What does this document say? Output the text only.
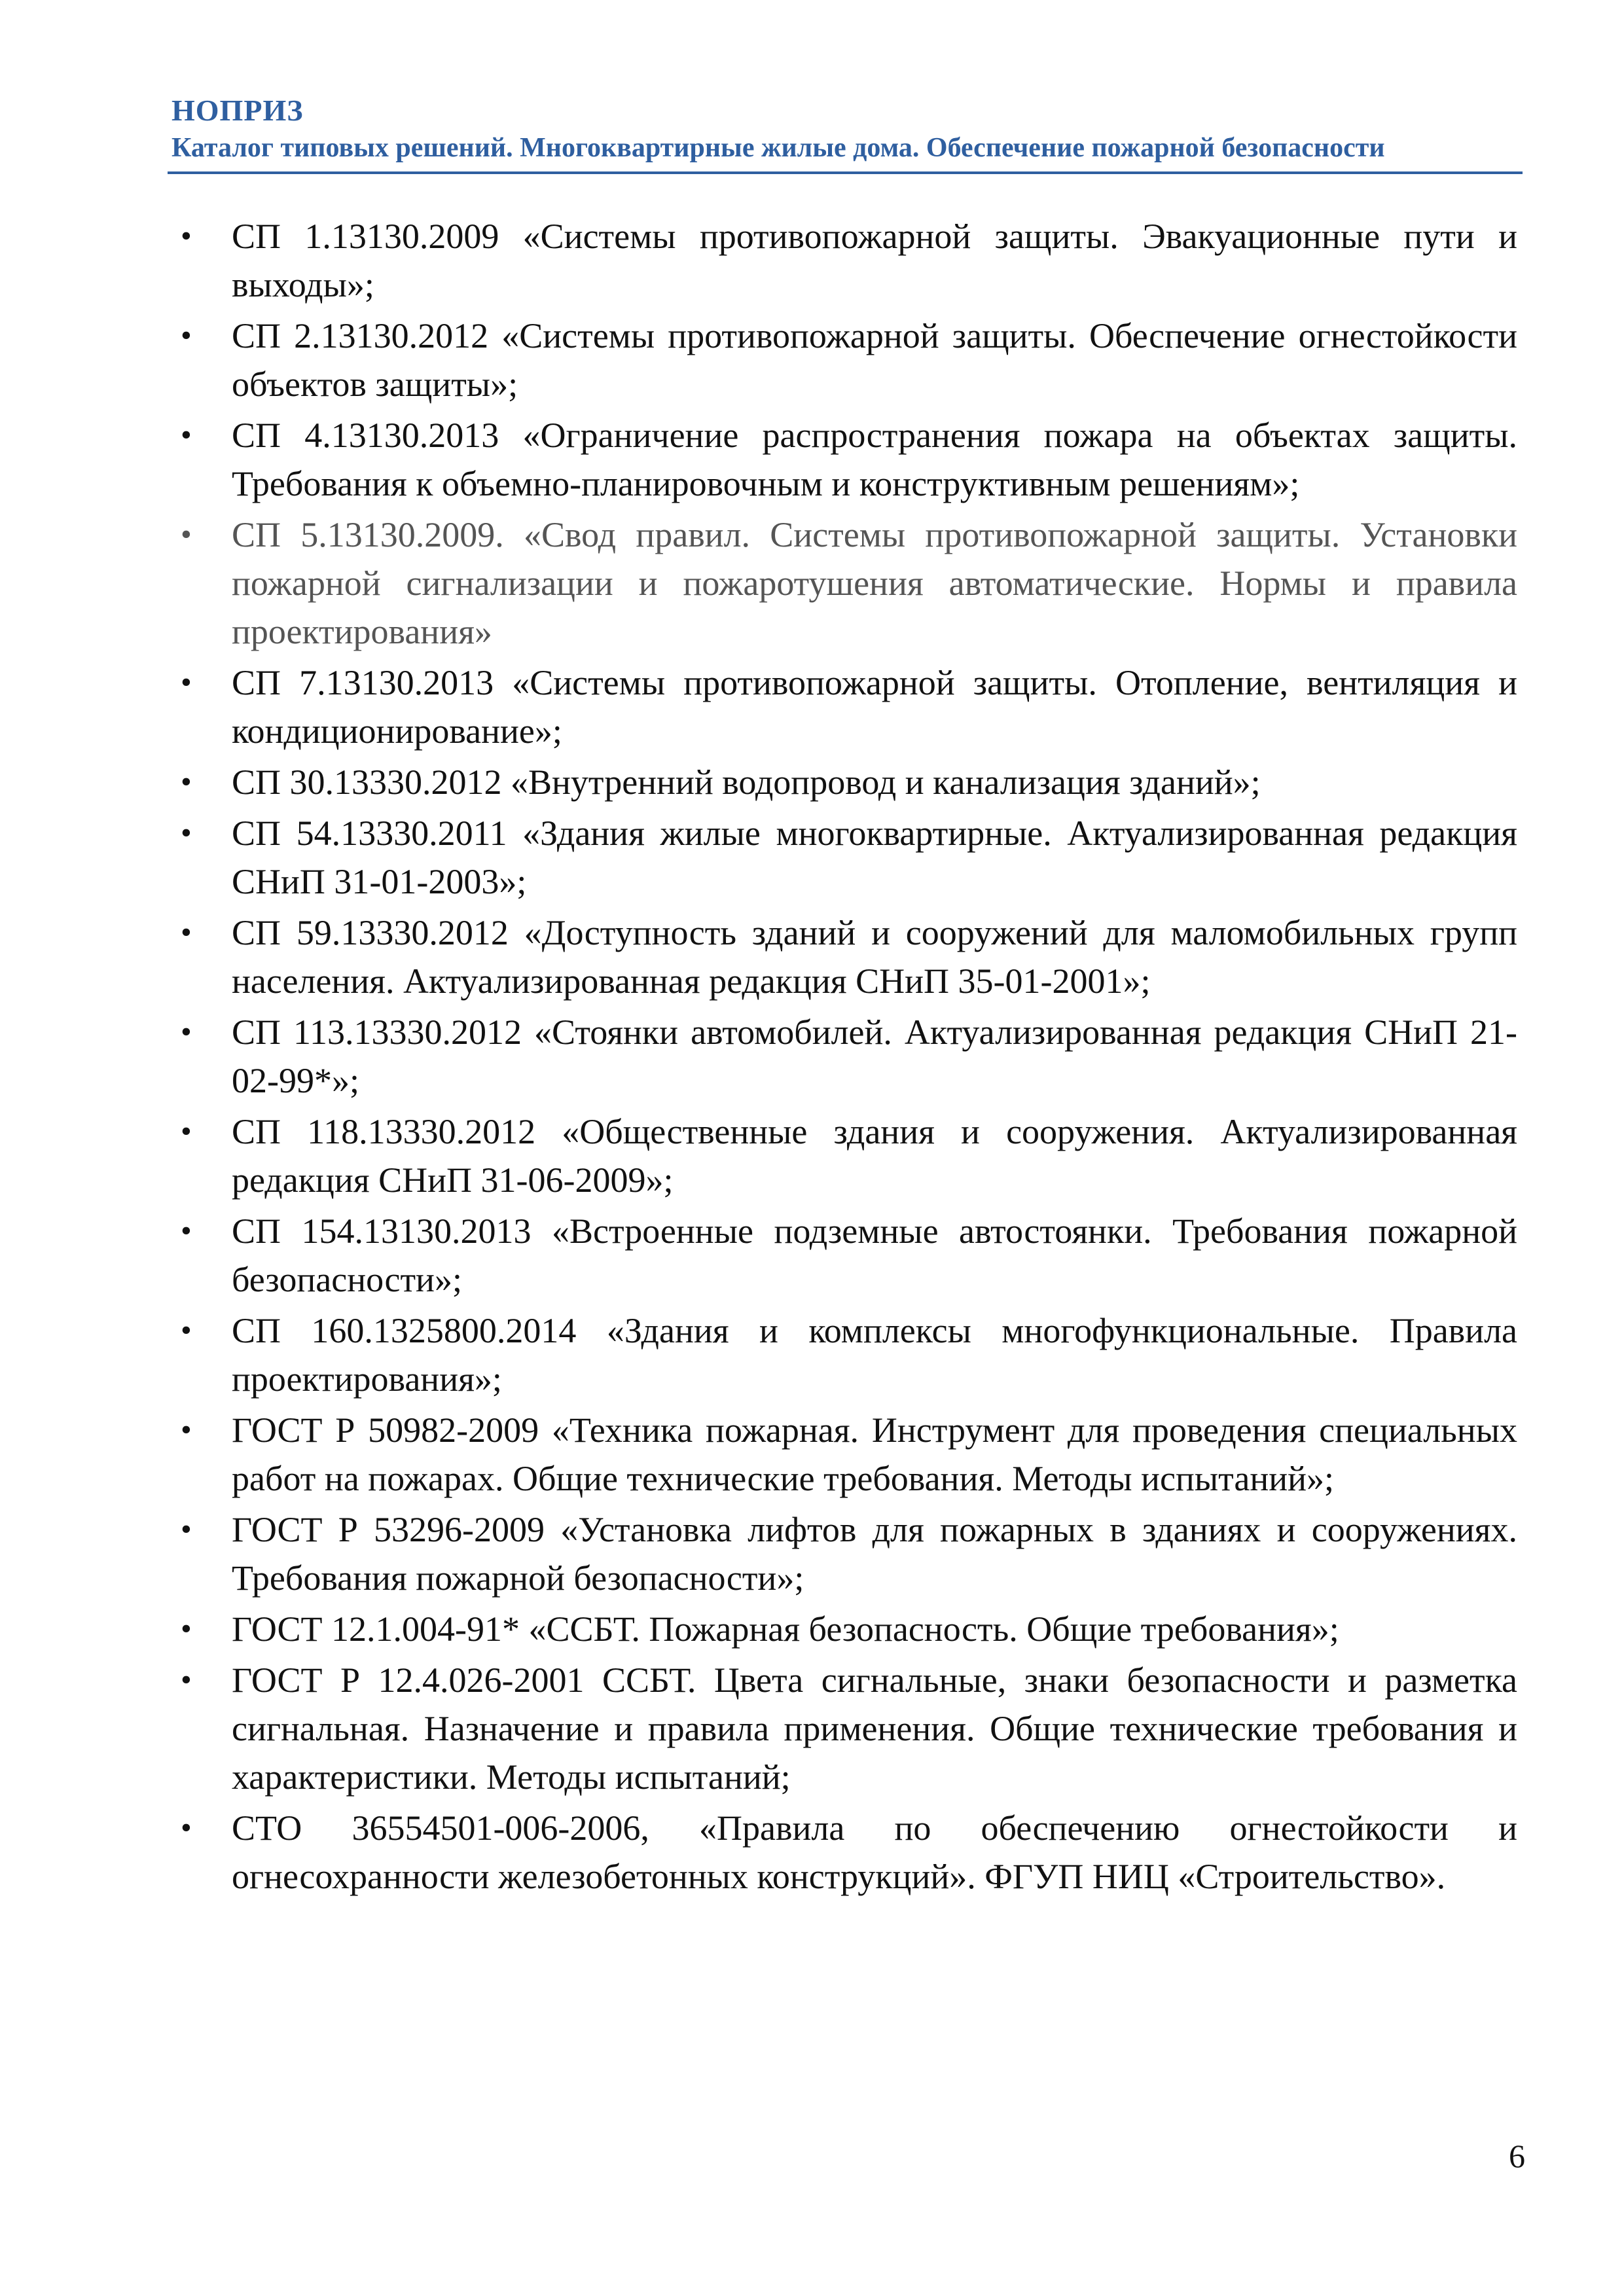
НОПРИЗ
Каталог типовых решений. Многоквартирные жилые дома. Обеспечение пожарной безопасности
• СП 1.13130.2009 «Системы противопожарной защиты. Эвакуационные пути и выходы»;
• СП 2.13130.2012 «Системы противопожарной защиты. Обеспечение огнестойкости объектов защиты»;
• СП 4.13130.2013 «Ограничение распространения пожара на объектах защиты. Требования к объемно-планировочным и конструктивным решениям»;
• СП 5.13130.2009. «Свод правил. Системы противопожарной защиты. Установки пожарной сигнализации и пожаротушения автоматические. Нормы и правила проектирования»
• СП 7.13130.2013 «Системы противопожарной защиты. Отопление, вентиляция и кондиционирование»;
• СП 30.13330.2012 «Внутренний водопровод и канализация зданий»;
• СП 54.13330.2011 «Здания жилые многоквартирные. Актуализированная редакция СНиП 31-01-2003»;
• СП 59.13330.2012 «Доступность зданий и сооружений для маломобильных групп населения. Актуализированная редакция СНиП 35-01-2001»;
• СП 113.13330.2012 «Стоянки автомобилей. Актуализированная редакция СНиП 21-02-99*»;
• СП 118.13330.2012 «Общественные здания и сооружения. Актуализированная редакция СНиП 31-06-2009»;
• СП 154.13130.2013 «Встроенные подземные автостоянки. Требования пожарной безопасности»;
• СП 160.1325800.2014 «Здания и комплексы многофункциональные. Правила проектирования»;
• ГОСТ Р 50982-2009 «Техника пожарная. Инструмент для проведения специальных работ на пожарах. Общие технические требования. Методы испытаний»;
• ГОСТ Р 53296-2009 «Установка лифтов для пожарных в зданиях и сооружениях. Требования пожарной безопасности»;
• ГОСТ 12.1.004-91* «ССБТ. Пожарная безопасность. Общие требования»;
• ГОСТ Р 12.4.026-2001 ССБТ. Цвета сигнальные, знаки безопасности и разметка сигнальная. Назначение и правила применения. Общие технические требования и характеристики. Методы испытаний;
• СТО 36554501-006-2006, «Правила по обеспечению огнестойкости и огнесохранности железобетонных конструкций». ФГУП НИЦ «Строительство».
6
